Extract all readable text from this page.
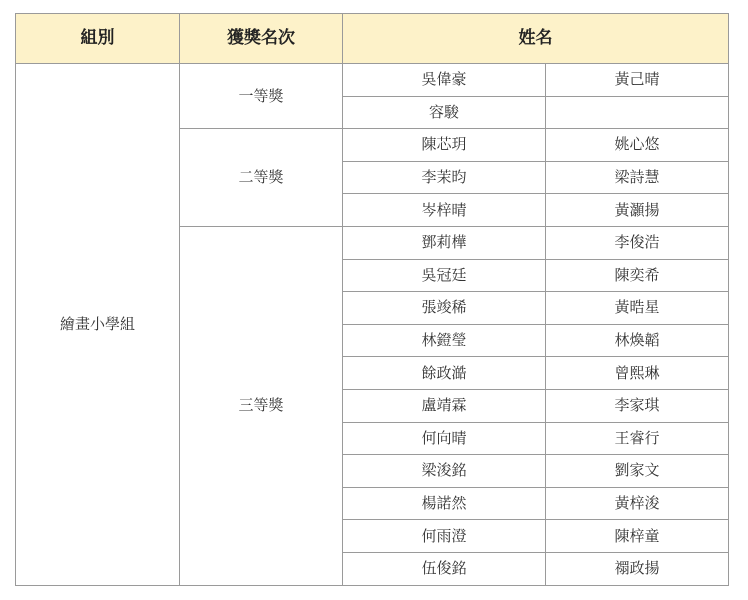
組別	獲獎名次	姓名	
繪畫小學組	一等獎	吳偉豪	黃己晴
		容駿	
	二等獎	陳芯玥	姚心悠
		李茉昀	梁詩慧
		岑梓晴	黃灝揚
	三等獎	鄧莉樺	李俊浩
		吳冠廷	陳奕希
		張竣稀	黃晧星
		林鐙瑩	林煥韜
		餘政澔	曾熙琳
		盧靖霖	李家琪
		何向晴	王睿行
		梁浚銘	劉家文
		楊諾然	黃梓浚
		何雨澄	陳梓童
		伍俊銘	禤政揚
